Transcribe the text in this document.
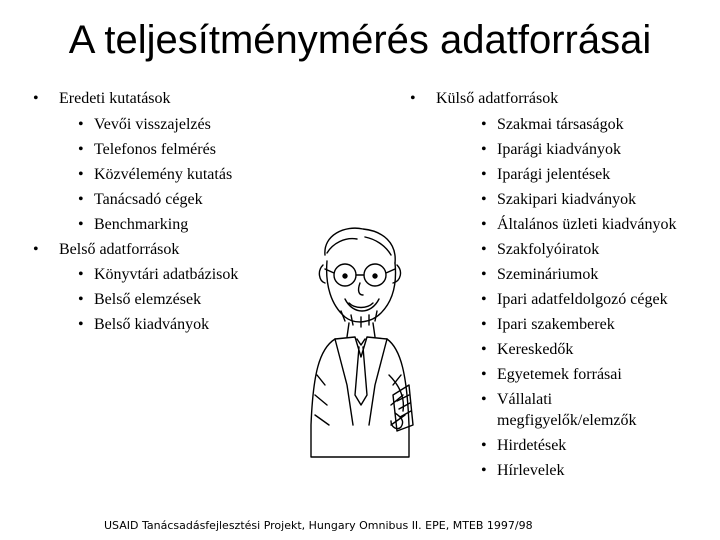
A teljesítménymérés adatforrásai
• Eredeti kutatások
• Vevői visszajelzés
• Telefonos felmérés
• Közvélemény kutatás
• Tanácsadó cégek
• Benchmarking
• Belső adatforrások
• Könyvtári adatbázisok
• Belső elemzések
• Belső kiadványok
• Külső adatforrások
• Szakmai társaságok
• Iparági kiadványok
• Iparági jelentések
• Szakipari kiadványok
• Általános üzleti kiadványok
• Szakfolyóiratok
• Szemináriumok
• Ipari adatfeldolgozó cégek
• Ipari szakemberek
• Kereskedők
• Egyetemek forrásai
• Vállalati megfigyelők/elemzők
• Hirdetések
• Hírlevelek
USAID Tanácsadásfejlesztési Projekt, Hungary Omnibus II. EPE, MTEB 1997/98
